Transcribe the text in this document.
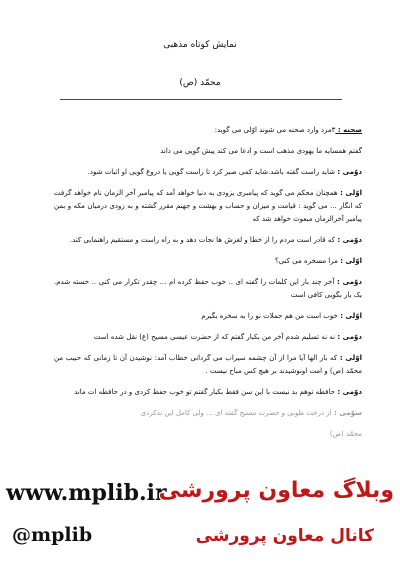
نمایش کوتاه مذهبی
محمّد (ص)

صحنه : ۳مرد وارد صحنه می شوند اوّلی می گوید:

گفتم همسایه ما یهودی مذهب است و ادعا می کند پیش گویی می داند

دوّمی : شاید راست گفته باشد.شاید کمی صبر کرد تا راست گویی یا دروغ گویی او اثبات شود.

اوّلی : همچنان محکم می گوید که پیامبری یزودی به دنیا خواهد آمد که پیامبر آخر الزمان نام خواهد گرفت که انگار ... می گوید : قیامت و میزان و حساب و بهشت و جهنم مقرر گشته و به زودی درمیان مکه و بمن پیامبر آخرالزمان مبعوث خواهد شد که

دوّمی : که قادر است مردم را از خطا و لغزش ها نجات دهد و به راه راست و مستقیم راهنمایی کند.

اوّلی : مرا مسخره می کنی؟

دوّمی : آخر چند بار این کلمات را گفته ای .. خوب حفظ کرده ام ... چقدر تکرار می کنی .. خسته شدم. یک بار بگویی کافی است

اوّلی : خوب است من هم جملات نو را به سخره بگیرم

دوّمی : نه نه تسلیم شدم آخر من بکبار گفتم که از حضرت عیسی مسیح (ع) نقل شده است

اوّلی : که بار الها آیا مرا از آن چشمه سیراب می گردانی خطاب آمد: نوشیدن آن تا زمانی که حبیب من محمّد (ص) و امت اونوشیدند بر هیچ کس مباح نیست .

دوّمی : حافظه توهم بد نیست با این سن فقط بکبار گفتم تو خوب حفظ کردی و در حافظه ات ماند

سوّمی : از درخت طوبی و حضرت مسیح گفته ای ... ولی کامل این ندکردی

محمّد (ص)

www.mplib.ir
وبلاگ معاون پرورشی
@mplib	کانال معاون پرورشی
